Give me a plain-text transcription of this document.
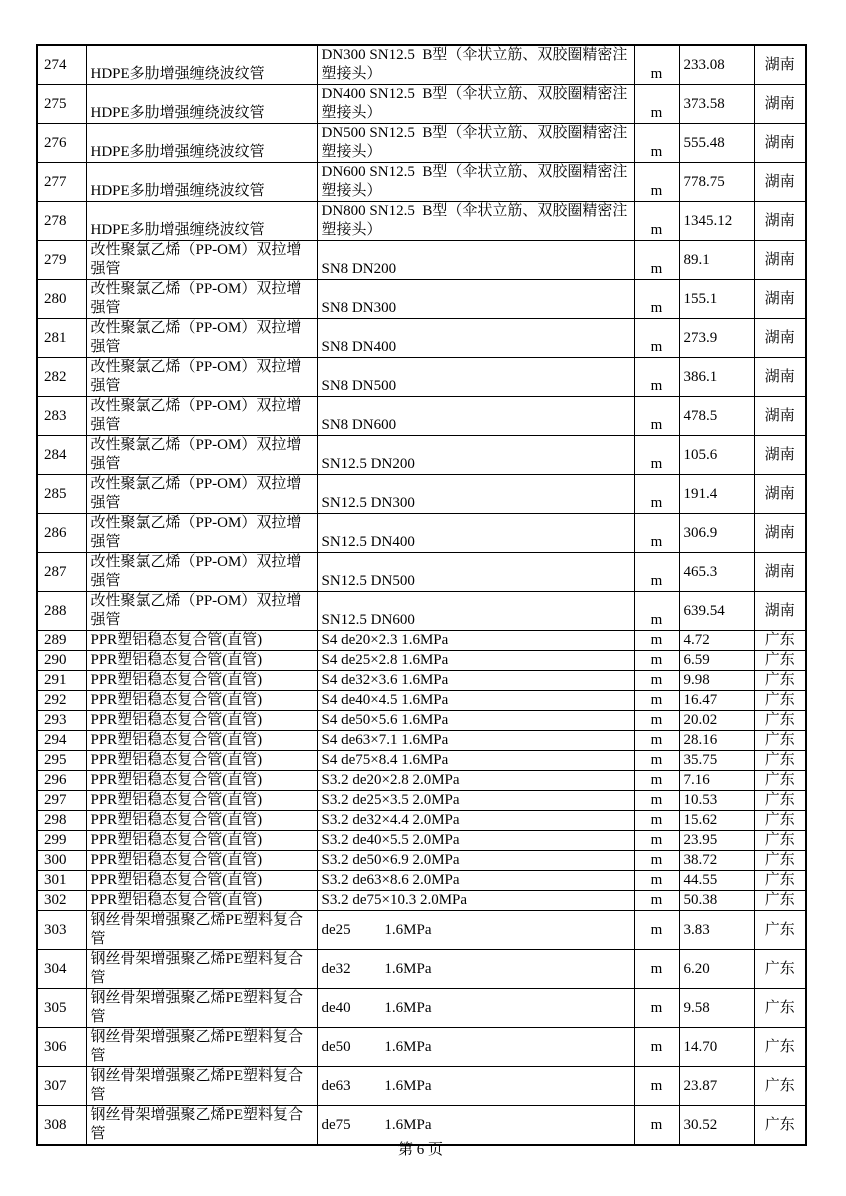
274	HDPE多肋增强缠绕波纹管	DN300 SN12.5  B型（伞状立筋、双胶圈精密注塑接头）	m	233.08	湖南
275	HDPE多肋增强缠绕波纹管	DN400 SN12.5  B型（伞状立筋、双胶圈精密注塑接头）	m	373.58	湖南
276	HDPE多肋增强缠绕波纹管	DN500 SN12.5  B型（伞状立筋、双胶圈精密注塑接头）	m	555.48	湖南
277	HDPE多肋增强缠绕波纹管	DN600 SN12.5  B型（伞状立筋、双胶圈精密注塑接头）	m	778.75	湖南
278	HDPE多肋增强缠绕波纹管	DN800 SN12.5  B型（伞状立筋、双胶圈精密注塑接头）	m	1345.12	湖南
279	改性聚氯乙烯（PP-OM）双拉增强管	SN8 DN200	m	89.1	湖南
280	改性聚氯乙烯（PP-OM）双拉增强管	SN8 DN300	m	155.1	湖南
281	改性聚氯乙烯（PP-OM）双拉增强管	SN8 DN400	m	273.9	湖南
282	改性聚氯乙烯（PP-OM）双拉增强管	SN8 DN500	m	386.1	湖南
283	改性聚氯乙烯（PP-OM）双拉增强管	SN8 DN600	m	478.5	湖南
284	改性聚氯乙烯（PP-OM）双拉增强管	SN12.5 DN200	m	105.6	湖南
285	改性聚氯乙烯（PP-OM）双拉增强管	SN12.5 DN300	m	191.4	湖南
286	改性聚氯乙烯（PP-OM）双拉增强管	SN12.5 DN400	m	306.9	湖南
287	改性聚氯乙烯（PP-OM）双拉增强管	SN12.5 DN500	m	465.3	湖南
288	改性聚氯乙烯（PP-OM）双拉增强管	SN12.5 DN600	m	639.54	湖南
289	PPR塑铝稳态复合管(直管)	S4 de20×2.3 1.6MPa	m	4.72	广东
290	PPR塑铝稳态复合管(直管)	S4 de25×2.8 1.6MPa	m	6.59	广东
291	PPR塑铝稳态复合管(直管)	S4 de32×3.6 1.6MPa	m	9.98	广东
292	PPR塑铝稳态复合管(直管)	S4 de40×4.5 1.6MPa	m	16.47	广东
293	PPR塑铝稳态复合管(直管)	S4 de50×5.6 1.6MPa	m	20.02	广东
294	PPR塑铝稳态复合管(直管)	S4 de63×7.1 1.6MPa	m	28.16	广东
295	PPR塑铝稳态复合管(直管)	S4 de75×8.4 1.6MPa	m	35.75	广东
296	PPR塑铝稳态复合管(直管)	S3.2 de20×2.8 2.0MPa	m	7.16	广东
297	PPR塑铝稳态复合管(直管)	S3.2 de25×3.5 2.0MPa	m	10.53	广东
298	PPR塑铝稳态复合管(直管)	S3.2 de32×4.4 2.0MPa	m	15.62	广东
299	PPR塑铝稳态复合管(直管)	S3.2 de40×5.5 2.0MPa	m	23.95	广东
300	PPR塑铝稳态复合管(直管)	S3.2 de50×6.9 2.0MPa	m	38.72	广东
301	PPR塑铝稳态复合管(直管)	S3.2 de63×8.6 2.0MPa	m	44.55	广东
302	PPR塑铝稳态复合管(直管)	S3.2 de75×10.3 2.0MPa	m	50.38	广东
303	钢丝骨架增强聚乙烯PE塑料复合管	de25         1.6MPa	m	3.83	广东
304	钢丝骨架增强聚乙烯PE塑料复合管	de32         1.6MPa	m	6.20	广东
305	钢丝骨架增强聚乙烯PE塑料复合管	de40         1.6MPa	m	9.58	广东
306	钢丝骨架增强聚乙烯PE塑料复合管	de50         1.6MPa	m	14.70	广东
307	钢丝骨架增强聚乙烯PE塑料复合管	de63         1.6MPa	m	23.87	广东
308	钢丝骨架增强聚乙烯PE塑料复合管	de75         1.6MPa	m	30.52	广东
第 6 页
